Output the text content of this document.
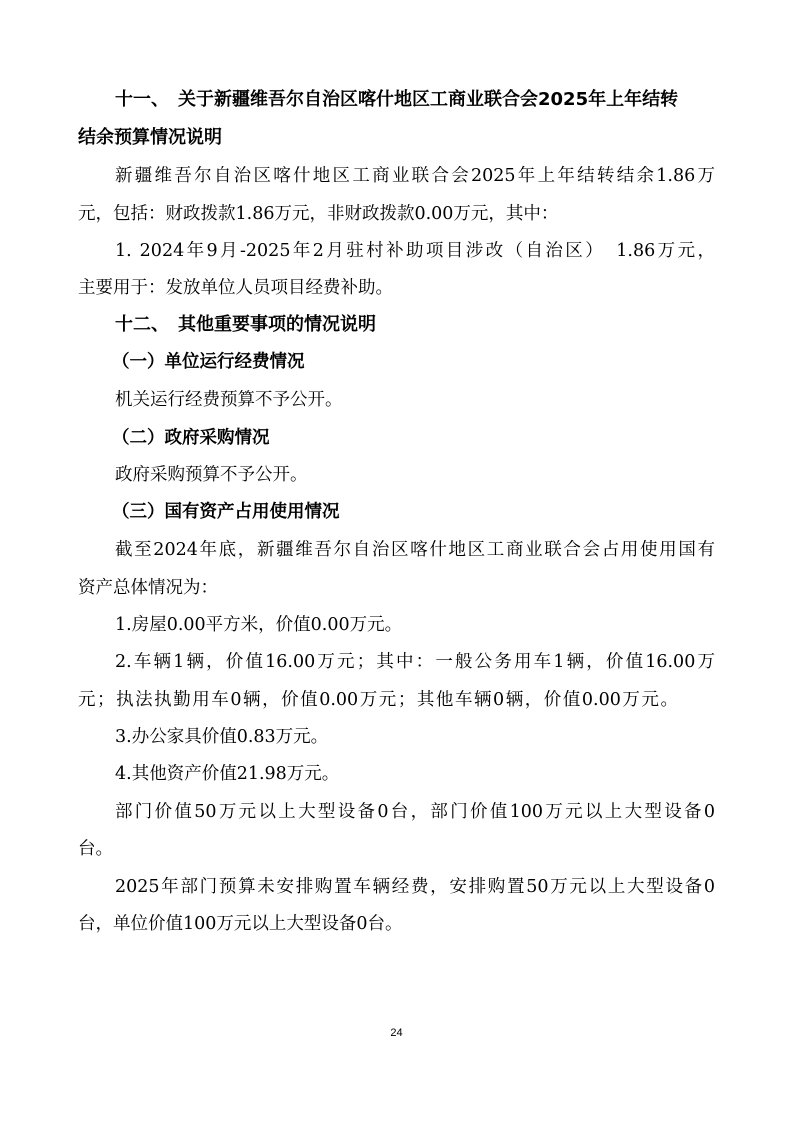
十一、　关于新疆维吾尔自治区喀什地区工商业联合会2025年上年结转
结余预算情况说明
新疆维吾尔自治区喀什地区工商业联合会2025年上年结转结余1.86万
元，包括：财政拨款1.86万元，非财政拨款0.00万元，其中：
1. 2024年9月-2025年2月驻村补助项目涉改（自治区）　1.86万元，
主要用于：发放单位人员项目经费补助。
十二、　其他重要事项的情况说明
（一）单位运行经费情况
机关运行经费预算不予公开。
（二）政府采购情况
政府采购预算不予公开。
（三）国有资产占用使用情况
截至2024年底，新疆维吾尔自治区喀什地区工商业联合会占用使用国有
资产总体情况为：
1.房屋0.00平方米，价值0.00万元。
2.车辆1辆，价值16.00万元；其中：一般公务用车1辆，价值16.00万
元；执法执勤用车0辆，价值0.00万元；其他车辆0辆，价值0.00万元。
3.办公家具价值0.83万元。
4.其他资产价值21.98万元。
部门价值50万元以上大型设备0台，部门价值100万元以上大型设备0
台。
2025年部门预算未安排购置车辆经费，安排购置50万元以上大型设备0
台，单位价值100万元以上大型设备0台。
24
